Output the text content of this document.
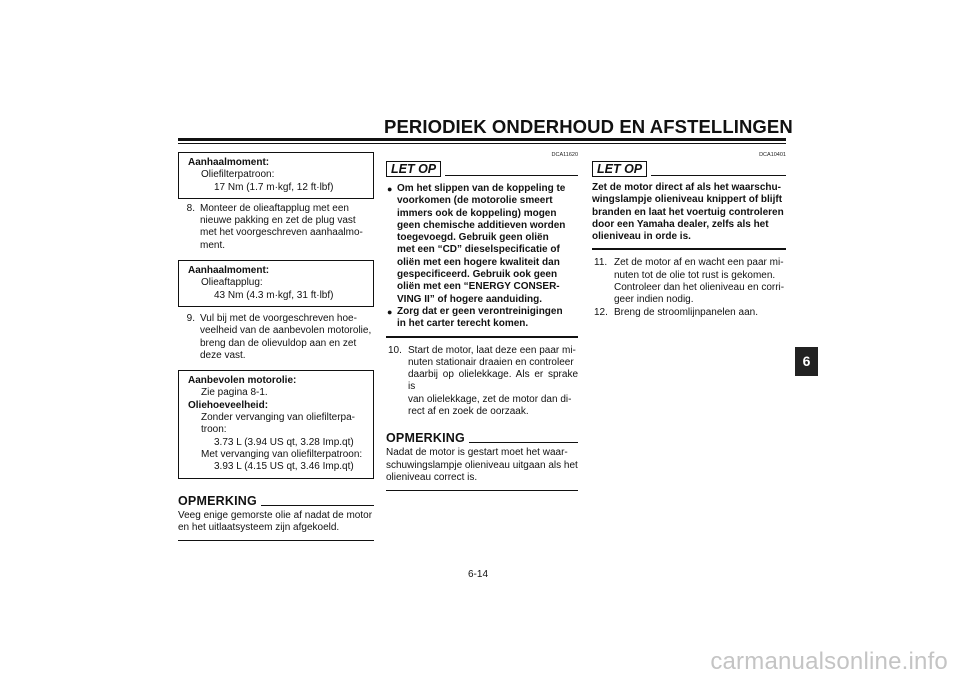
PERIODIEK ONDERHOUD EN AFSTELLINGEN
Aanhaalmoment:
Oliefilterpatroon:
17 Nm (1.7 m·kgf, 12 ft·lbf)
8. Monteer de olieaftapplug met een
nieuwe pakking en zet de plug vast
met het voorgeschreven aanhaalmo-
ment.
Aanhaalmoment:
Olieaftapplug:
43 Nm (4.3 m·kgf, 31 ft·lbf)
9. Vul bij met de voorgeschreven hoe-
veelheid van de aanbevolen motorolie,
breng dan de olievuldop aan en zet
deze vast.
Aanbevolen motorolie:
Zie pagina 8-1.
Oliehoeveelheid:
Zonder vervanging van oliefilterpa-
troon:
3.73 L (3.94 US qt, 3.28 Imp.qt)
Met vervanging van oliefilterpatroon:
3.93 L (4.15 US qt, 3.46 Imp.qt)
OPMERKING
Veeg enige gemorste olie af nadat de motor
en het uitlaatsysteem zijn afgekoeld.
DCA11620
LET OP
● Om het slippen van de koppeling te
voorkomen (de motorolie smeert
immers ook de koppeling) mogen
geen chemische additieven worden
toegevoegd. Gebruik geen oliën
met een “CD” dieselspecificatie of
oliën met een hogere kwaliteit dan
gespecificeerd. Gebruik ook geen
oliën met een “ENERGY CONSER-
VING II” of hogere aanduiding.
● Zorg dat er geen verontreinigingen
in het carter terecht komen.
10. Start de motor, laat deze een paar mi-
nuten stationair draaien en controleer
daarbij op olielekkage. Als er sprake is
van olielekkage, zet de motor dan di-
rect af en zoek de oorzaak.
OPMERKING
Nadat de motor is gestart moet het waar-
schuwingslampje olieniveau uitgaan als het
olieniveau correct is.
DCA10401
LET OP
Zet de motor direct af als het waarschu-
wingslampje olieniveau knippert of blijft
branden en laat het voertuig controleren
door een Yamaha dealer, zelfs als het
olieniveau in orde is.
11. Zet de motor af en wacht een paar mi-
nuten tot de olie tot rust is gekomen.
Controleer dan het olieniveau en corri-
geer indien nodig.
12. Breng de stroomlijnpanelen aan.
6
6-14
carmanualsonline.info
